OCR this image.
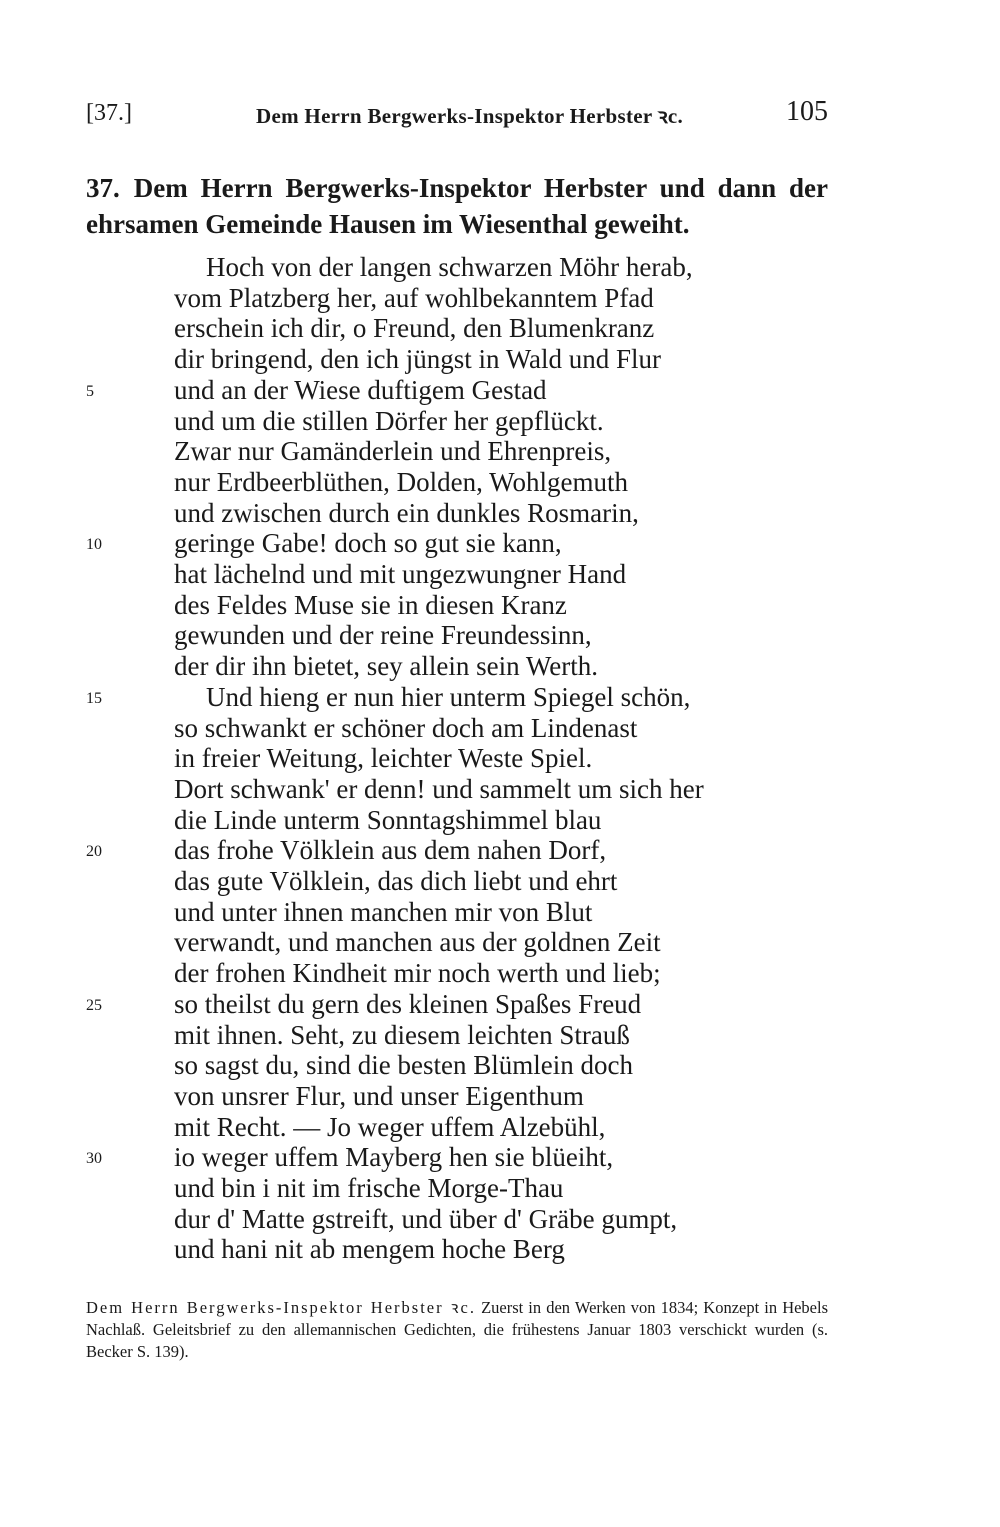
[37.]	Dem Herrn Bergwerks-Inspektor Herbster ꝛc.	105
37. Dem Herrn Bergwerks-Inspektor Herbster und dann der ehrsamen Gemeinde Hausen im Wiesenthal geweiht.
Hoch von der langen schwarzen Möhr herab,
vom Platzberg her, auf wohlbekanntem Pfad
erschein ich dir, o Freund, den Blumenkranz
dir bringend, den ich jüngst in Wald und Flur
5	und an der Wiese duftigem Gestad
und um die stillen Dörfer her gepflückt.
Zwar nur Gamänderlein und Ehrenpreis,
nur Erdbeerblüthen, Dolden, Wohlgemuth
und zwischen durch ein dunkles Rosmarin,
10	geringe Gabe! doch so gut sie kann,
hat lächelnd und mit ungezwungner Hand
des Feldes Muse sie in diesen Kranz
gewunden und der reine Freundessinn,
der dir ihn bietet, sey allein sein Werth.
15	Und hieng er nun hier unterm Spiegel schön,
so schwankt er schöner doch am Lindenast
in freier Weitung, leichter Weste Spiel.
Dort schwank' er denn! und sammelt um sich her
die Linde unterm Sonntagshimmel blau
20	das frohe Völklein aus dem nahen Dorf,
das gute Völklein, das dich liebt und ehrt
und unter ihnen manchen mir von Blut
verwandt, und manchen aus der goldnen Zeit
der frohen Kindheit mir noch werth und lieb;
25	so theilst du gern des kleinen Spaßes Freud
mit ihnen. Seht, zu diesem leichten Strauß
so sagst du, sind die besten Blümlein doch
von unsrer Flur, und unser Eigenthum
mit Recht. — Jo weger uffem Alzebühl,
30	io weger uffem Mayberg hen sie blüeiht,
und bin i nit im frische Morge-Thau
dur d' Matte gstreift, und über d' Gräbe gumpt,
und hani nit ab mengem hoche Berg
Dem Herrn Bergwerks-Inspektor Herbster ꝛc. Zuerst in den Werken von 1834; Konzept in Hebels Nachlaß. Geleitsbrief zu den allemannischen Gedichten, die frühestens Januar 1803 verschickt wurden (s. Becker S. 139).
